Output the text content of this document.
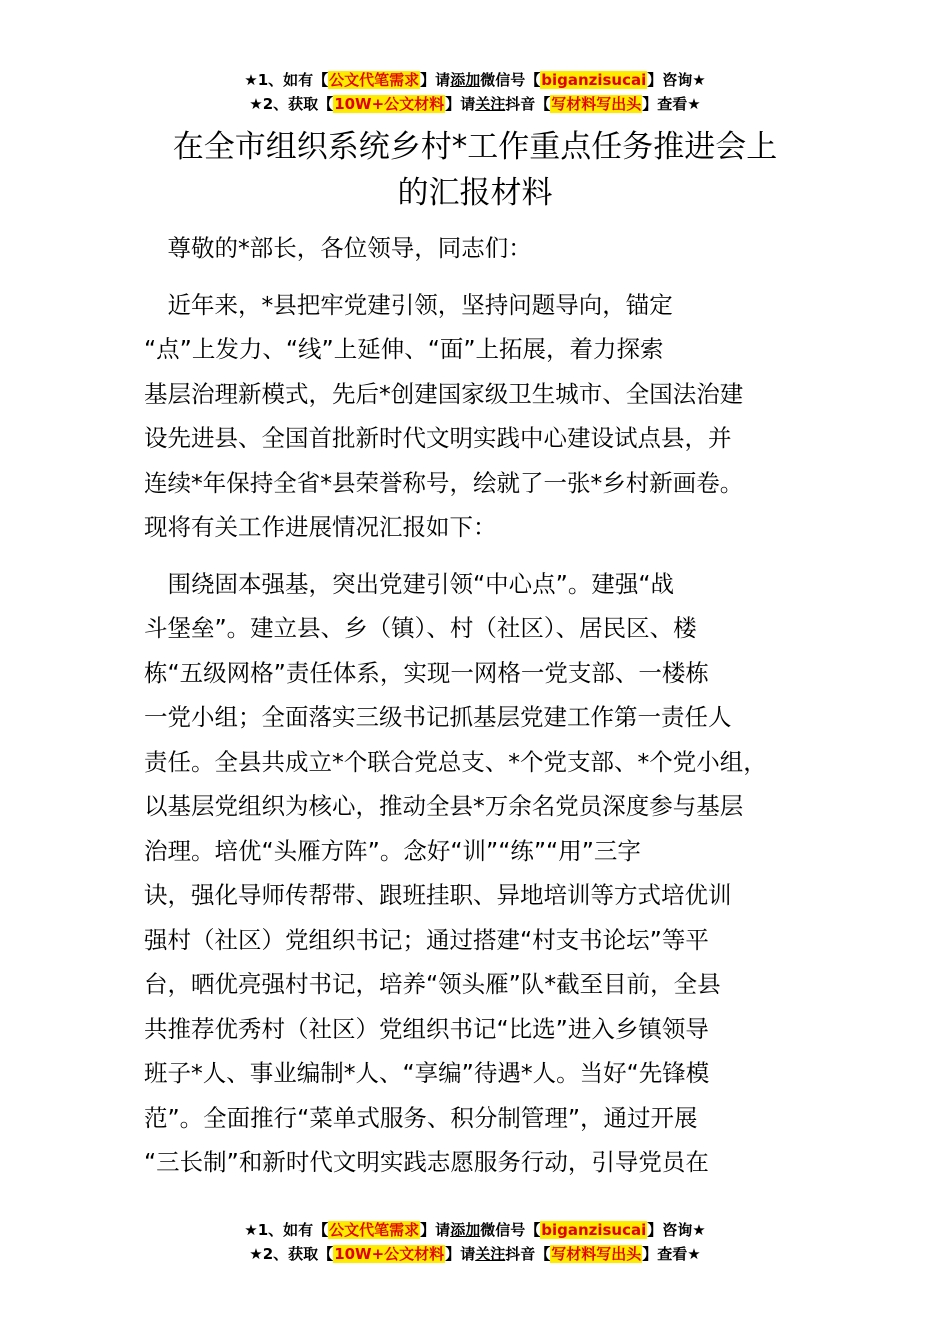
★1、如有【公文代笔需求】请添加微信号【biganzisucai】咨询★
★2、获取【10W+公文材料】请关注抖音【写材料写出头】查看★
在全市组织系统乡村*工作重点任务推进会上
的汇报材料
　尊敬的*部长，各位领导，同志们：
　近年来，*县把牢党建引领，坚持问题导向，锚定
“点”上发力、“线”上延伸、“面”上拓展，着力探索
基层治理新模式，先后*创建国家级卫生城市、全国法治建
设先进县、全国首批新时代文明实践中心建设试点县，并
连续*年保持全省*县荣誉称号，绘就了一张*乡村新画卷。
现将有关工作进展情况汇报如下：
　围绕固本强基，突出党建引领“中心点”。建强“战
斗堡垒”。建立县、乡（镇）、村（社区）、居民区、楼
栋“五级网格”责任体系，实现一网格一党支部、一楼栋
一党小组；全面落实三级书记抓基层党建工作第一责任人
责任。全县共成立*个联合党总支、*个党支部、*个党小组，
以基层党组织为核心，推动全县*万余名党员深度参与基层
治理。培优“头雁方阵”。念好“训”“练”“用”三字
诀，强化导师传帮带、跟班挂职、异地培训等方式培优训
强村（社区）党组织书记；通过搭建“村支书论坛”等平
台，晒优亮强村书记，培养“领头雁”队*截至目前，全县
共推荐优秀村（社区）党组织书记“比选”进入乡镇领导
班子*人、事业编制*人、“享编”待遇*人。当好“先锋模
范”。全面推行“菜单式服务、积分制管理”，通过开展
“三长制”和新时代文明实践志愿服务行动，引导党员在
★1、如有【公文代笔需求】请添加微信号【biganzisucai】咨询★
★2、获取【10W+公文材料】请关注抖音【写材料写出头】查看★
